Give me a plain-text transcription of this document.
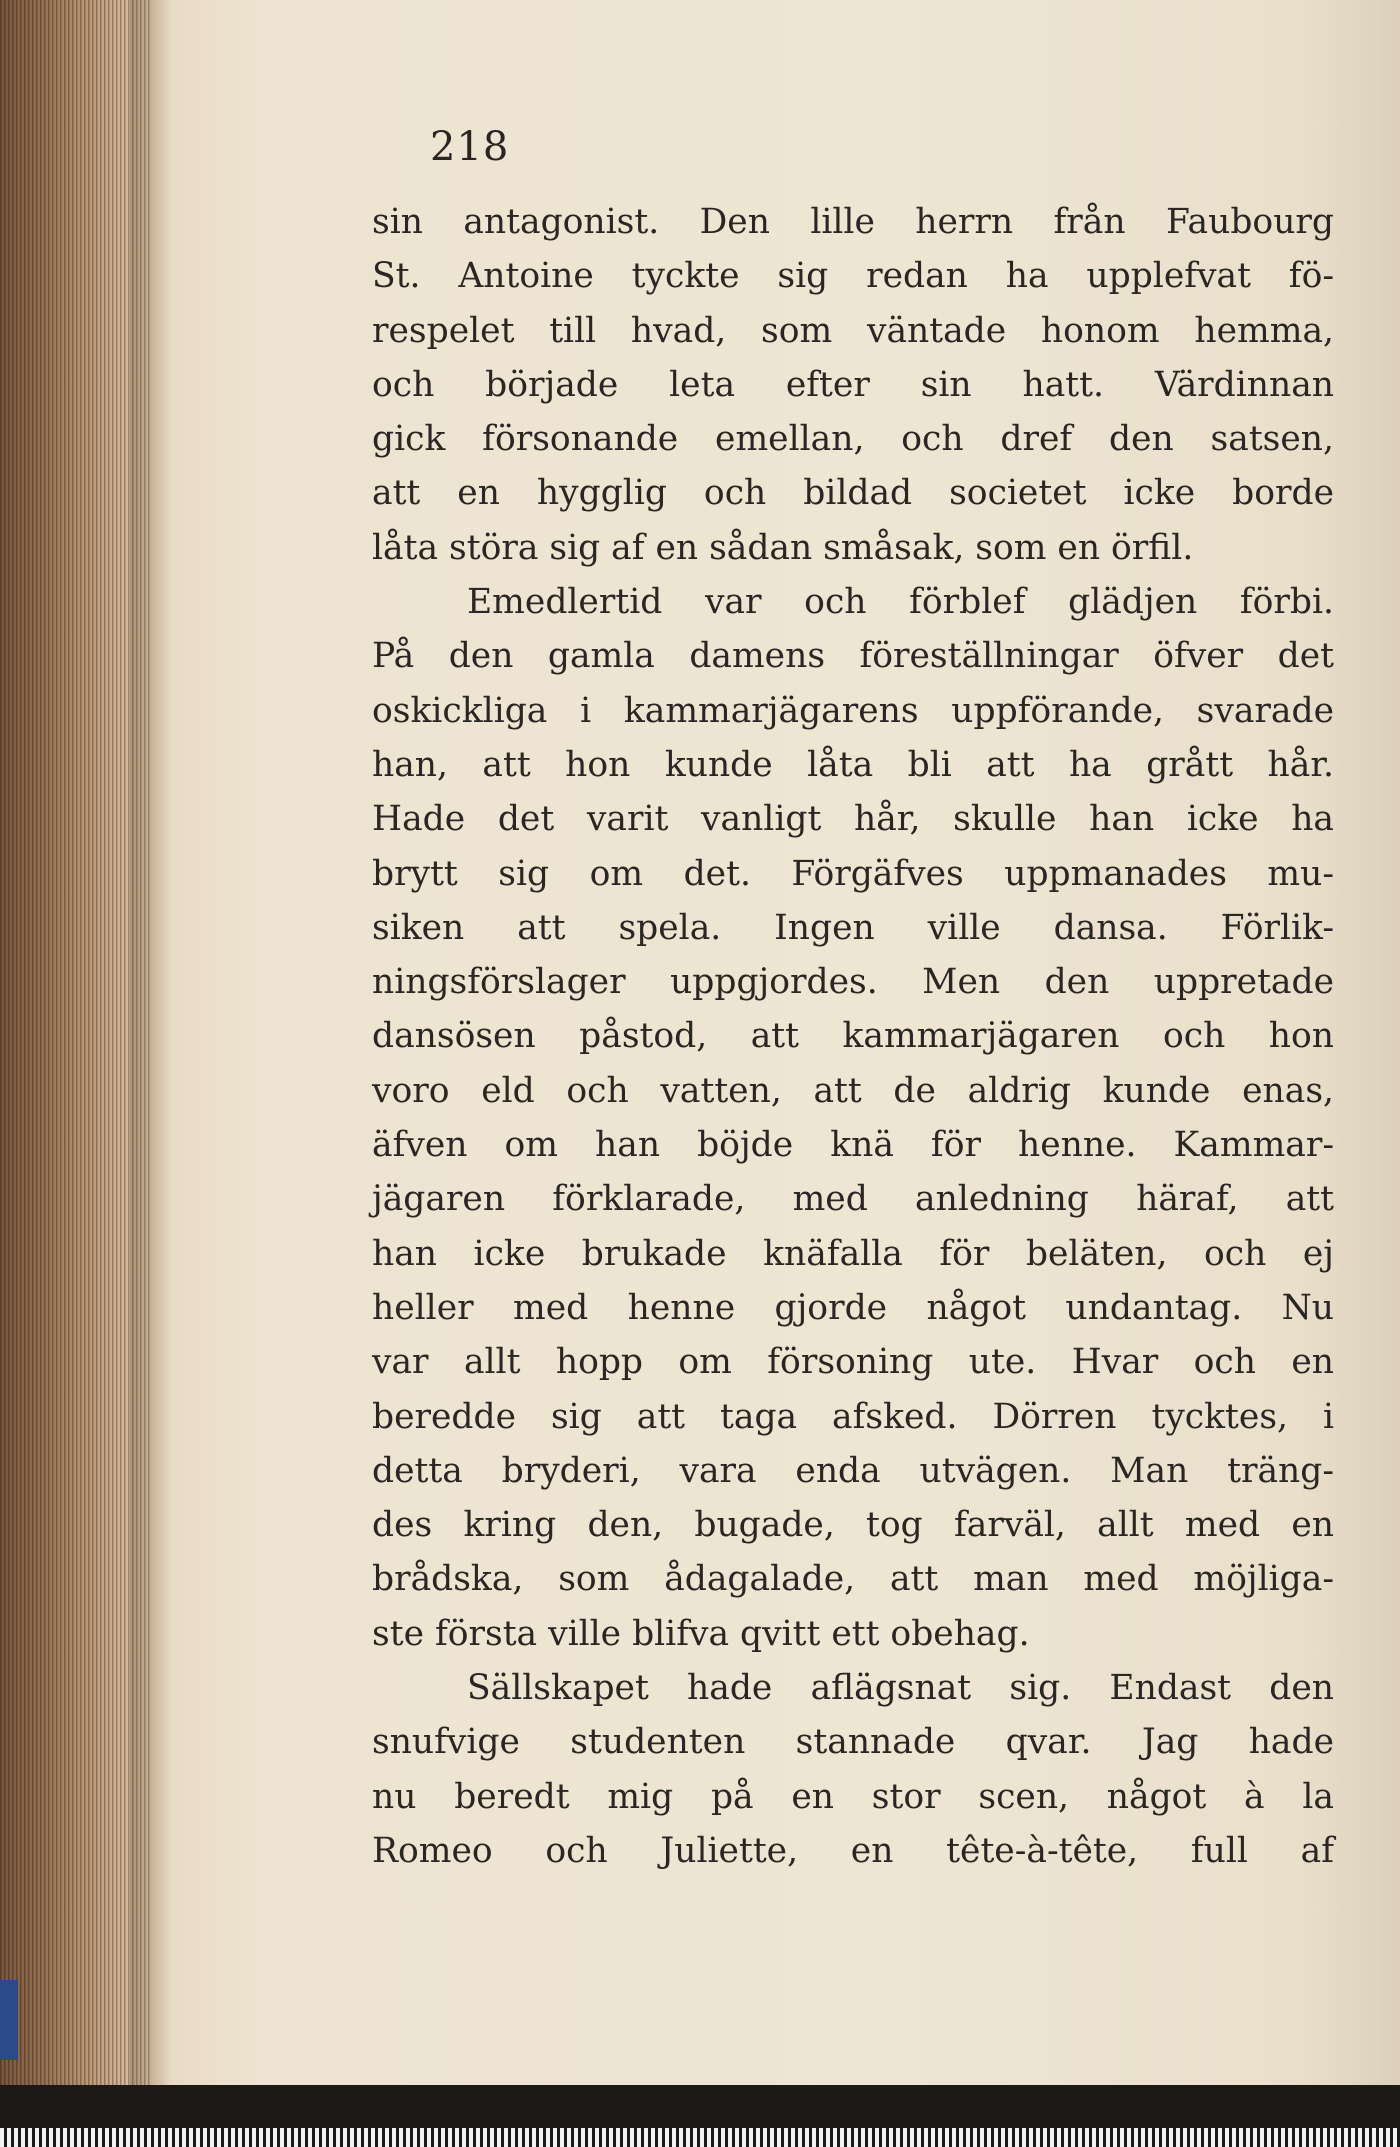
218
sin antagonist. Den lille herrn från Faubourg
St. Antoine tyckte sig redan ha upplefvat fö-
respelet till hvad, som väntade honom hemma,
och började leta efter sin hatt. Värdinnan
gick försonande emellan, och dref den satsen,
att en hygglig och bildad societet icke borde
låta störa sig af en sådan småsak, som en örfil.
Emedlertid var och förblef glädjen förbi.
På den gamla damens föreställningar öfver det
oskickliga i kammarjägarens uppförande, svarade
han, att hon kunde låta bli att ha grått hår.
Hade det varit vanligt hår, skulle han icke ha
brytt sig om det. Förgäfves uppmanades mu-
siken att spela. Ingen ville dansa. Förlik-
ningsförslager uppgjordes. Men den uppretade
dansösen påstod, att kammarjägaren och hon
voro eld och vatten, att de aldrig kunde enas,
äfven om han böjde knä för henne. Kammar-
jägaren förklarade, med anledning häraf, att
han icke brukade knäfalla för beläten, och ej
heller med henne gjorde något undantag. Nu
var allt hopp om försoning ute. Hvar och en
beredde sig att taga afsked. Dörren tycktes, i
detta bryderi, vara enda utvägen. Man träng-
des kring den, bugade, tog farväl, allt med en
brådska, som ådagalade, att man med möjliga-
ste första ville blifva qvitt ett obehag.
Sällskapet hade aflägsnat sig. Endast den
snufvige studenten stannade qvar. Jag hade
nu beredt mig på en stor scen, något à la
Romeo och Juliette, en tête-à-tête, full af
